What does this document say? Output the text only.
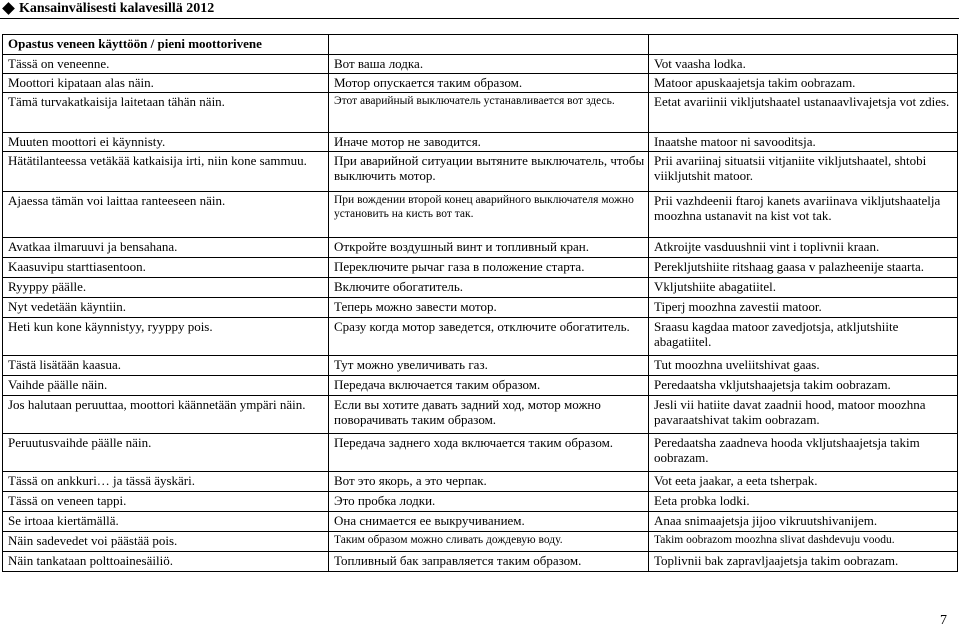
Kansainvälisesti kalavesillä 2012
Opastus veneen käyttöön / pieni moottorivene		
Tässä on veneenne.	Вот ваша лодка.	Vot vaasha lodka.
Moottori kipataan alas näin.	Мотор опускается таким образом.	Matoor apuskaajetsja takim oobrazam.
Tämä turvakatkaisija laitetaan tähän näin.	Этот аварийный выключатель устанавливается вот здесь.	Eetat avariinii vikljutshaatel ustanaavlivajetsja vot zdies.
Muuten moottori ei käynnisty.	Иначе мотор не заводится.	Inaatshe matoor ni savooditsja.
Hätätilanteessa vetäkää katkaisija irti, niin kone sammuu.	При аварийной ситуации вытяните выключатель, чтобы выключить мотор.	Prii avariinaj situatsii vitjaniite vikljutshaatel, shtobi viikljutshit matoor.
Ajaessa tämän voi laittaa ranteeseen näin.	При вождении второй конец аварийного выключателя можно установить на кисть вот так.	Prii vazhdeenii ftaroj kanets avariinava vikljutshaatelja moozhna ustanavit na kist vot tak.
Avatkaa ilmaruuvi ja bensahana.	Откройте воздушный винт и топливный кран.	Atkroijte vasduushnii vint i toplivnii kraan.
Kaasuvipu starttiasentoon.	Переключите рычаг газа в положение старта.	Pereklјutshiite ritshaag gaasa v palazheenije staarta.
Ryyppy päälle.	Включите обогатитель.	Vkljutshiite abagatiitel.
Nyt vedetään käyntiin.	Теперь можно завести мотор.	Tiperj moozhna zavestii matoor.
Heti kun kone käynnistyy, ryyppy pois.	Сразу когда мотор заведется, отключите обогатитель.	Sraasu kagdaa matoor zavedjotsja, atkljutshiite abagatiitel.
Tästä lisätään kaasua.	Тут можно увеличивать газ.	Tut moozhna uveliitshivat gaas.
Vaihde päälle näin.	Передача включается таким образом.	Peredaatsha vkljutshaajetsja takim oobrazam.
Jos halutaan peruuttaa, moottori käännetään ympäri näin.	Если вы хотите давать задний ход, мотор можно поворачивать таким образом.	Jesli vii hatiite davat zaadnii hood, matoor moozhna pavaraatshivat takim oobrazam.
Peruutusvaihde päälle näin.	Передача заднего хода включается таким образом.	Peredaatsha zaadneva hooda vkljutshaajetsja takim oobrazam.
Tässä on ankkuri… ja tässä äyskäri.	Вот это якорь, а это черпак.	Vot eeta jaakar, a eeta tsherpak.
Tässä on veneen tappi.	Это пробка лодки.	Eeta probka lodki.
Se irtoaa kiertämällä.	Она снимается ее выкручиванием.	Anaa snimaajetsja jijoo vikruutshivanijem.
Näin sadevedet voi päästää pois.	Таким образом можно сливать дождевую воду.	Takim oobrazom moozhna slivat dashdevuju voodu.
Näin tankataan polttoainesäiliö.	Топливный бак заправляется таким образом.	Toplivnii bak zapravljaajetsja takim oobrazam.
7
